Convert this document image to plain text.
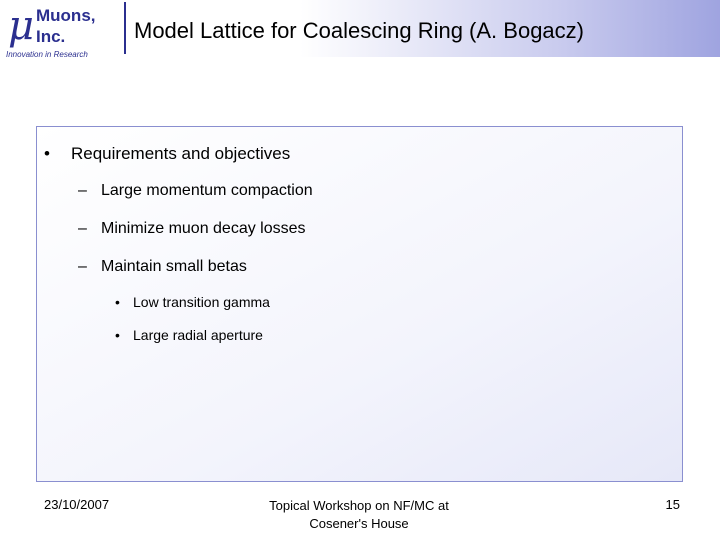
μ Muons,
Inc.
Innovation in Research
Model Lattice for Coalescing Ring (A. Bogacz)
• Requirements and objectives
– Large momentum compaction
– Minimize muon decay losses
– Maintain small betas
• Low transition gamma
• Large radial aperture
23/10/2007	Topical Workshop on NF/MC at
Cosener's House
15
